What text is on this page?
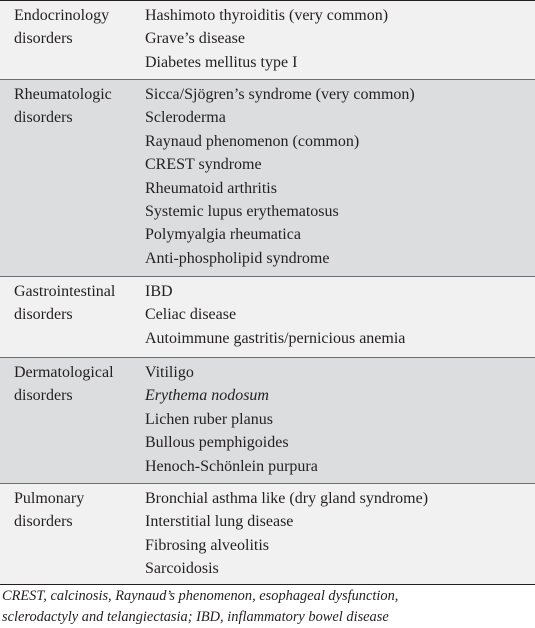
Endocrinology
disorders
Hashimoto thyroiditis (very common)
Grave’s disease
Diabetes mellitus type I
Rheumatologic
disorders
Sicca/Sjögren’s syndrome (very common)
Scleroderma
Raynaud phenomenon (common)
CREST syndrome
Rheumatoid arthritis
Systemic lupus erythematosus
Polymyalgia rheumatica
Anti-phospholipid syndrome
Gastrointestinal
disorders
IBD
Celiac disease
Autoimmune gastritis/pernicious anemia
Dermatological
disorders
Vitiligo
Erythema nodosum
Lichen ruber planus
Bullous pemphigoides
Henoch-Schönlein purpura
Pulmonary
disorders
Bronchial asthma like (dry gland syndrome)
Interstitial lung disease
Fibrosing alveolitis
Sarcoidosis
CREST, calcinosis, Raynaud’s phenomenon, esophageal dysfunction,
sclerodactyly and telangiectasia; IBD, inflammatory bowel disease
